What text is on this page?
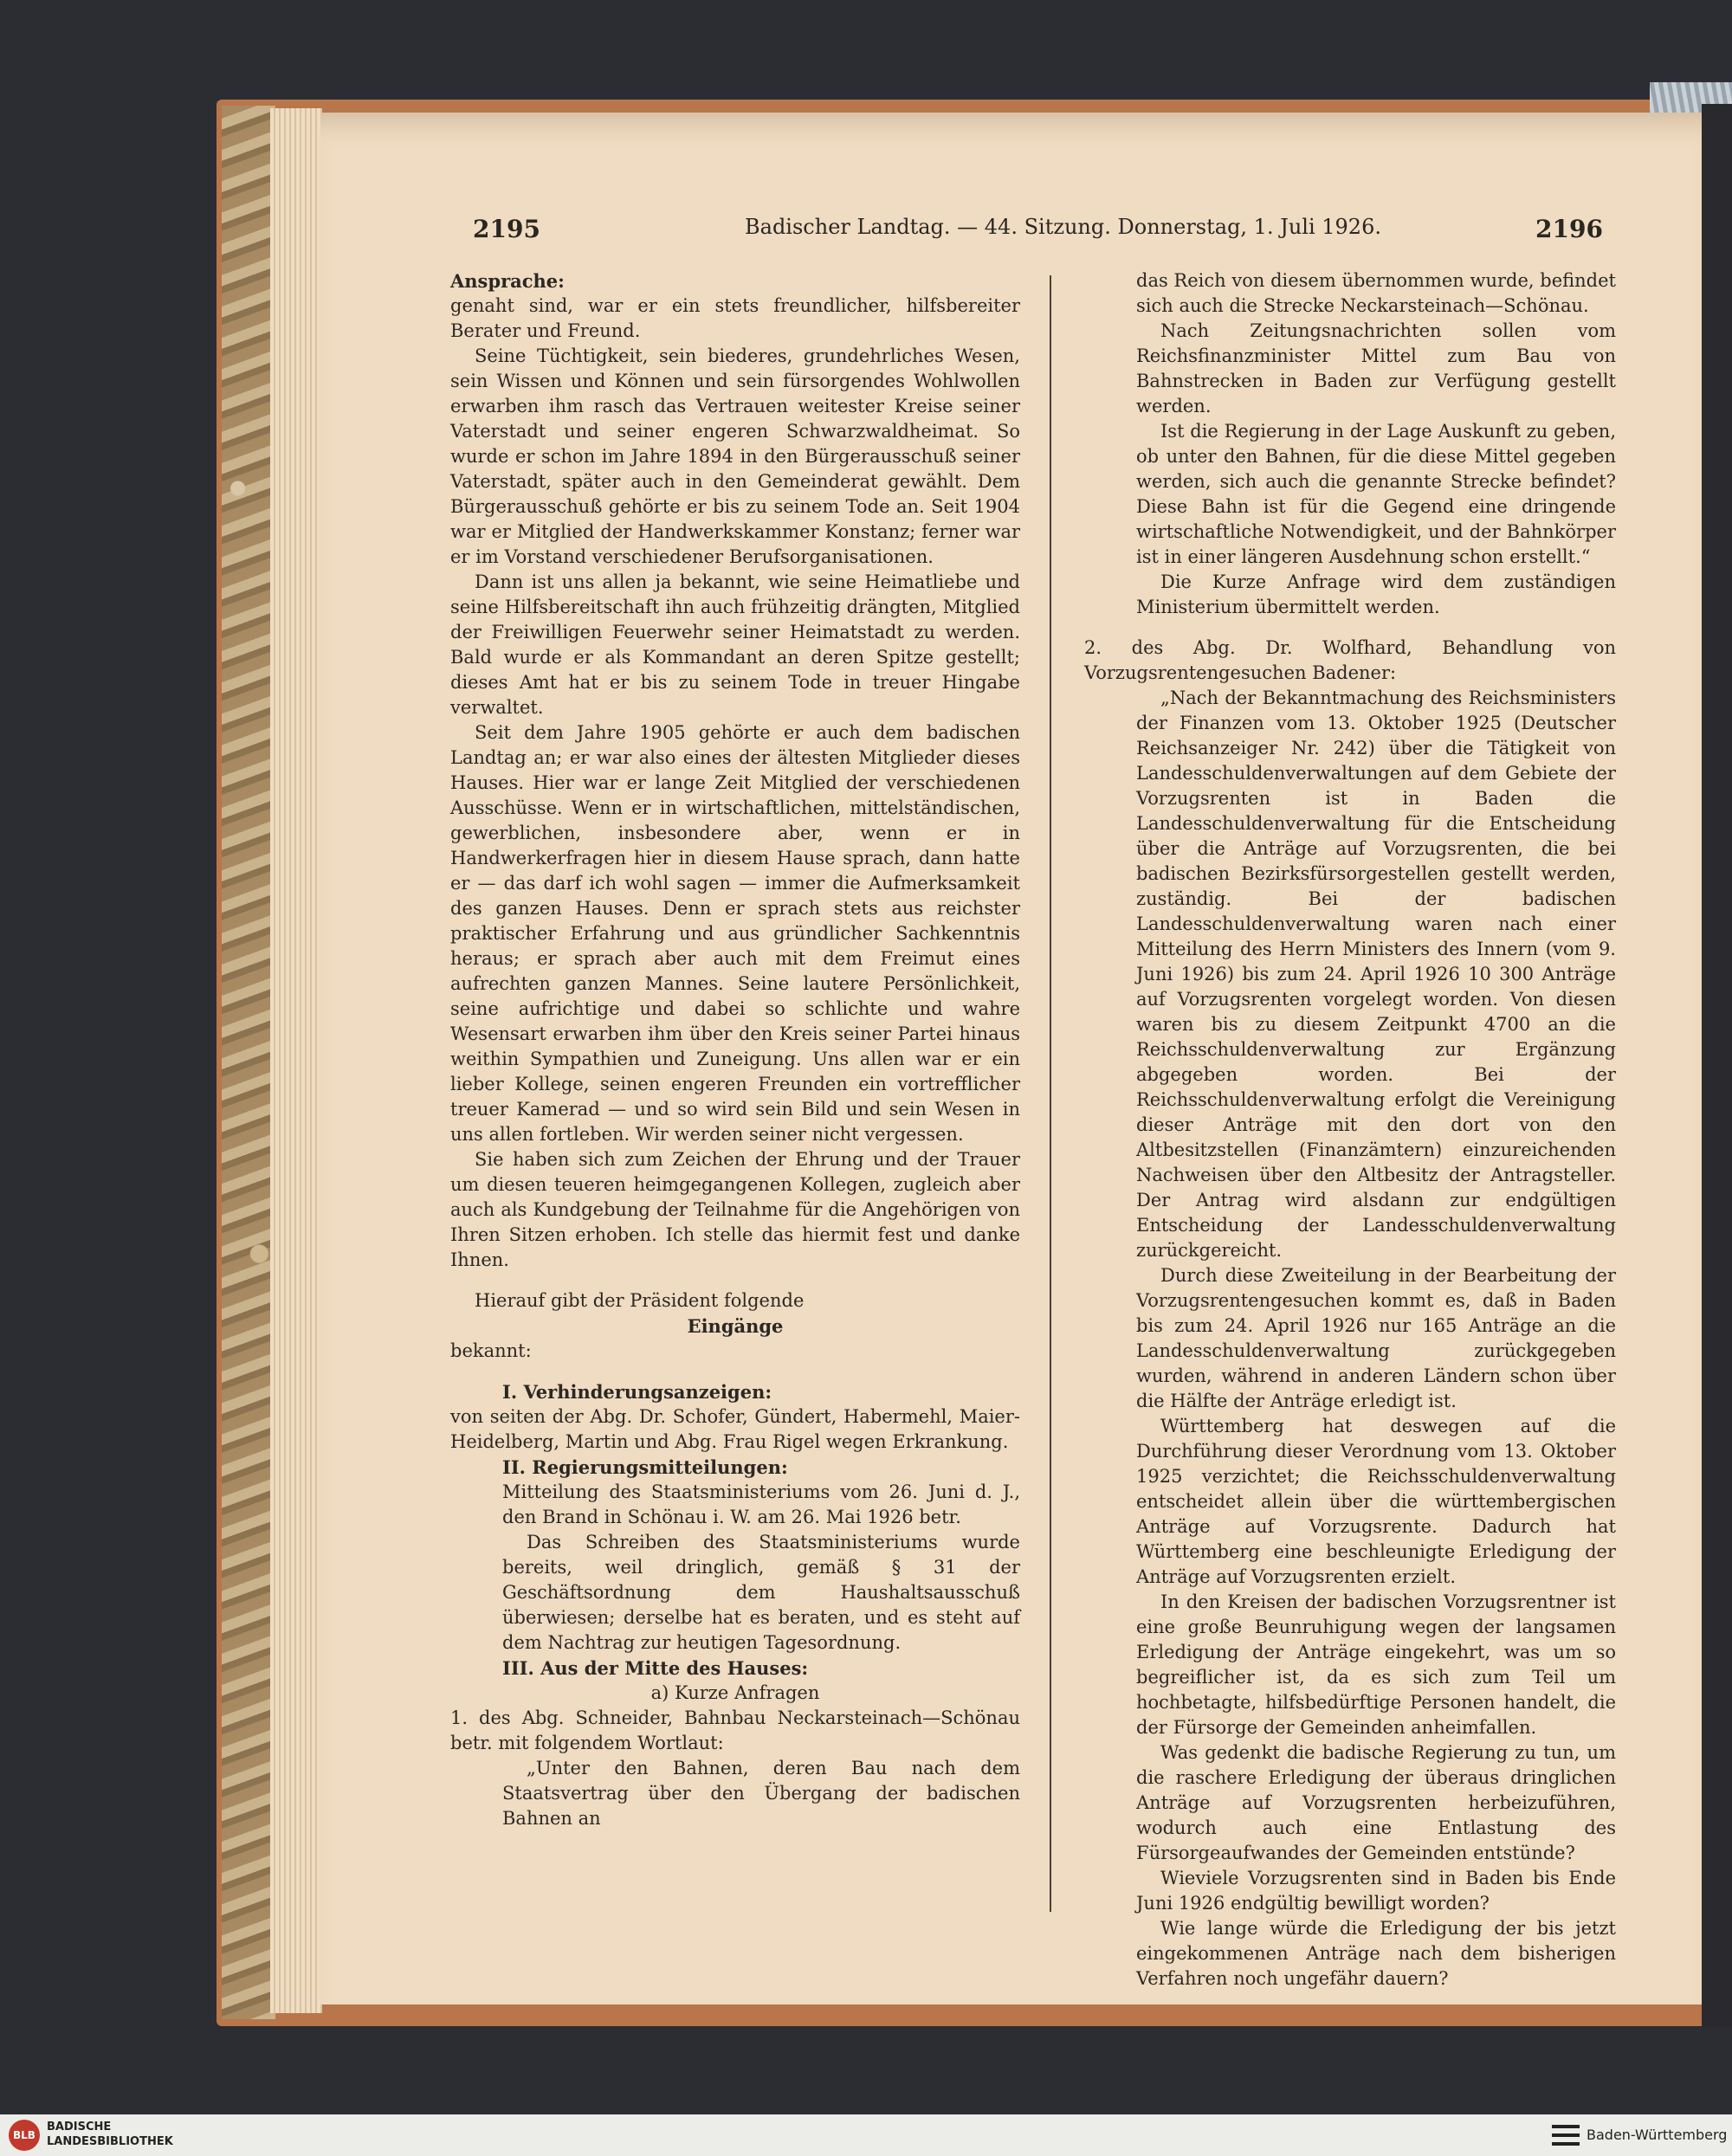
2195	Badischer Landtag. — 44. Sitzung. Donnerstag, 1. Juli 1926.	2196

Ansprache:

genaht sind, war er ein stets freundlicher, hilfsbereiter Berater und Freund.

Seine Tüchtigkeit, sein biederes, grundehrliches Wesen, sein Wissen und Können und sein fürsorgendes Wohlwollen erwarben ihm rasch das Vertrauen weitester Kreise seiner Vaterstadt und seiner engeren Schwarzwaldheimat. So wurde er schon im Jahre 1894 in den Bürgerausschuß seiner Vaterstadt, später auch in den Gemeinderat gewählt. Dem Bürgerausschuß gehörte er bis zu seinem Tode an. Seit 1904 war er Mitglied der Handwerkskammer Konstanz; ferner war er im Vorstand verschiedener Berufsorganisationen.

Dann ist uns allen ja bekannt, wie seine Heimatliebe und seine Hilfsbereitschaft ihn auch frühzeitig drängten, Mitglied der Freiwilligen Feuerwehr seiner Heimatstadt zu werden. Bald wurde er als Kommandant an deren Spitze gestellt; dieses Amt hat er bis zu seinem Tode in treuer Hingabe verwaltet.

Seit dem Jahre 1905 gehörte er auch dem badischen Landtag an; er war also eines der ältesten Mitglieder dieses Hauses. Hier war er lange Zeit Mitglied der verschiedenen Ausschüsse. Wenn er in wirtschaftlichen, mittelständischen, gewerblichen, insbesondere aber, wenn er in Handwerkerfragen hier in diesem Hause sprach, dann hatte er — das darf ich wohl sagen — immer die Aufmerksamkeit des ganzen Hauses. Denn er sprach stets aus reichster praktischer Erfahrung und aus gründlicher Sachkenntnis heraus; er sprach aber auch mit dem Freimut eines aufrechten ganzen Mannes. Seine lautere Persönlichkeit, seine aufrichtige und dabei so schlichte und wahre Wesensart erwarben ihm über den Kreis seiner Partei hinaus weithin Sympathien und Zuneigung. Uns allen war er ein lieber Kollege, seinen engeren Freunden ein vortrefflicher treuer Kamerad — und so wird sein Bild und sein Wesen in uns allen fortleben. Wir werden seiner nicht vergessen.

Sie haben sich zum Zeichen der Ehrung und der Trauer um diesen teueren heimgegangenen Kollegen, zugleich aber auch als Kundgebung der Teilnahme für die Angehörigen von Ihren Sitzen erhoben. Ich stelle das hiermit fest und danke Ihnen.

Hierauf gibt der Präsident folgende

Eingänge

bekannt:

I. Verhinderungsanzeigen:

von seiten der Abg. Dr. Schofer, Gündert, Habermehl, Maier-Heidelberg, Martin und Abg. Frau Rigel wegen Erkrankung.

II. Regierungsmitteilungen:

Mitteilung des Staatsministeriums vom 26. Juni d. J., den Brand in Schönau i. W. am 26. Mai 1926 betr.

Das Schreiben des Staatsministeriums wurde bereits, weil dringlich, gemäß § 31 der Geschäftsordnung dem Haushaltsausschuß überwiesen; derselbe hat es beraten, und es steht auf dem Nachtrag zur heutigen Tagesordnung.

III. Aus der Mitte des Hauses:

a) Kurze Anfragen

1. des Abg. Schneider, Bahnbau Neckarsteinach—Schönau betr. mit folgendem Wortlaut:

„Unter den Bahnen, deren Bau nach dem Staatsvertrag über den Übergang der badischen Bahnen an

das Reich von diesem übernommen wurde, befindet sich auch die Strecke Neckarsteinach—Schönau.

Nach Zeitungsnachrichten sollen vom Reichsfinanzminister Mittel zum Bau von Bahnstrecken in Baden zur Verfügung gestellt werden.

Ist die Regierung in der Lage Auskunft zu geben, ob unter den Bahnen, für die diese Mittel gegeben werden, sich auch die genannte Strecke befindet? Diese Bahn ist für die Gegend eine dringende wirtschaftliche Notwendigkeit, und der Bahnkörper ist in einer längeren Ausdehnung schon erstellt.“

Die Kurze Anfrage wird dem zuständigen Ministerium übermittelt werden.

2. des Abg. Dr. Wolfhard, Behandlung von Vorzugsrentengesuchen Badener:

„Nach der Bekanntmachung des Reichsministers der Finanzen vom 13. Oktober 1925 (Deutscher Reichsanzeiger Nr. 242) über die Tätigkeit von Landesschuldenverwaltungen auf dem Gebiete der Vorzugsrenten ist in Baden die Landesschuldenverwaltung für die Entscheidung über die Anträge auf Vorzugsrenten, die bei badischen Bezirksfürsorgestellen gestellt werden, zuständig. Bei der badischen Landesschuldenverwaltung waren nach einer Mitteilung des Herrn Ministers des Innern (vom 9. Juni 1926) bis zum 24. April 1926 10 300 Anträge auf Vorzugsrenten vorgelegt worden. Von diesen waren bis zu diesem Zeitpunkt 4700 an die Reichsschuldenverwaltung zur Ergänzung abgegeben worden. Bei der Reichsschuldenverwaltung erfolgt die Vereinigung dieser Anträge mit den dort von den Altbesitzstellen (Finanzämtern) einzureichenden Nachweisen über den Altbesitz der Antragsteller. Der Antrag wird alsdann zur endgültigen Entscheidung der Landesschuldenverwaltung zurückgereicht.

Durch diese Zweiteilung in der Bearbeitung der Vorzugsrentengesuchen kommt es, daß in Baden bis zum 24. April 1926 nur 165 Anträge an die Landesschuldenverwaltung zurückgegeben wurden, während in anderen Ländern schon über die Hälfte der Anträge erledigt ist.

Württemberg hat deswegen auf die Durchführung dieser Verordnung vom 13. Oktober 1925 verzichtet; die Reichsschuldenverwaltung entscheidet allein über die württembergischen Anträge auf Vorzugsrente. Dadurch hat Württemberg eine beschleunigte Erledigung der Anträge auf Vorzugsrenten erzielt.

In den Kreisen der badischen Vorzugsrentner ist eine große Beunruhigung wegen der langsamen Erledigung der Anträge eingekehrt, was um so begreiflicher ist, da es sich zum Teil um hochbetagte, hilfsbedürftige Personen handelt, die der Fürsorge der Gemeinden anheimfallen.

Was gedenkt die badische Regierung zu tun, um die raschere Erledigung der überaus dringlichen Anträge auf Vorzugsrenten herbeizuführen, wodurch auch eine Entlastung des Fürsorgeaufwandes der Gemeinden entstünde?

Wieviele Vorzugsrenten sind in Baden bis Ende Juni 1926 endgültig bewilligt worden?

Wie lange würde die Erledigung der bis jetzt eingekommenen Anträge nach dem bisherigen Verfahren noch ungefähr dauern?

BLB
BADISCHE
LANDESBIBLIOTHEK	Baden-Württemberg
